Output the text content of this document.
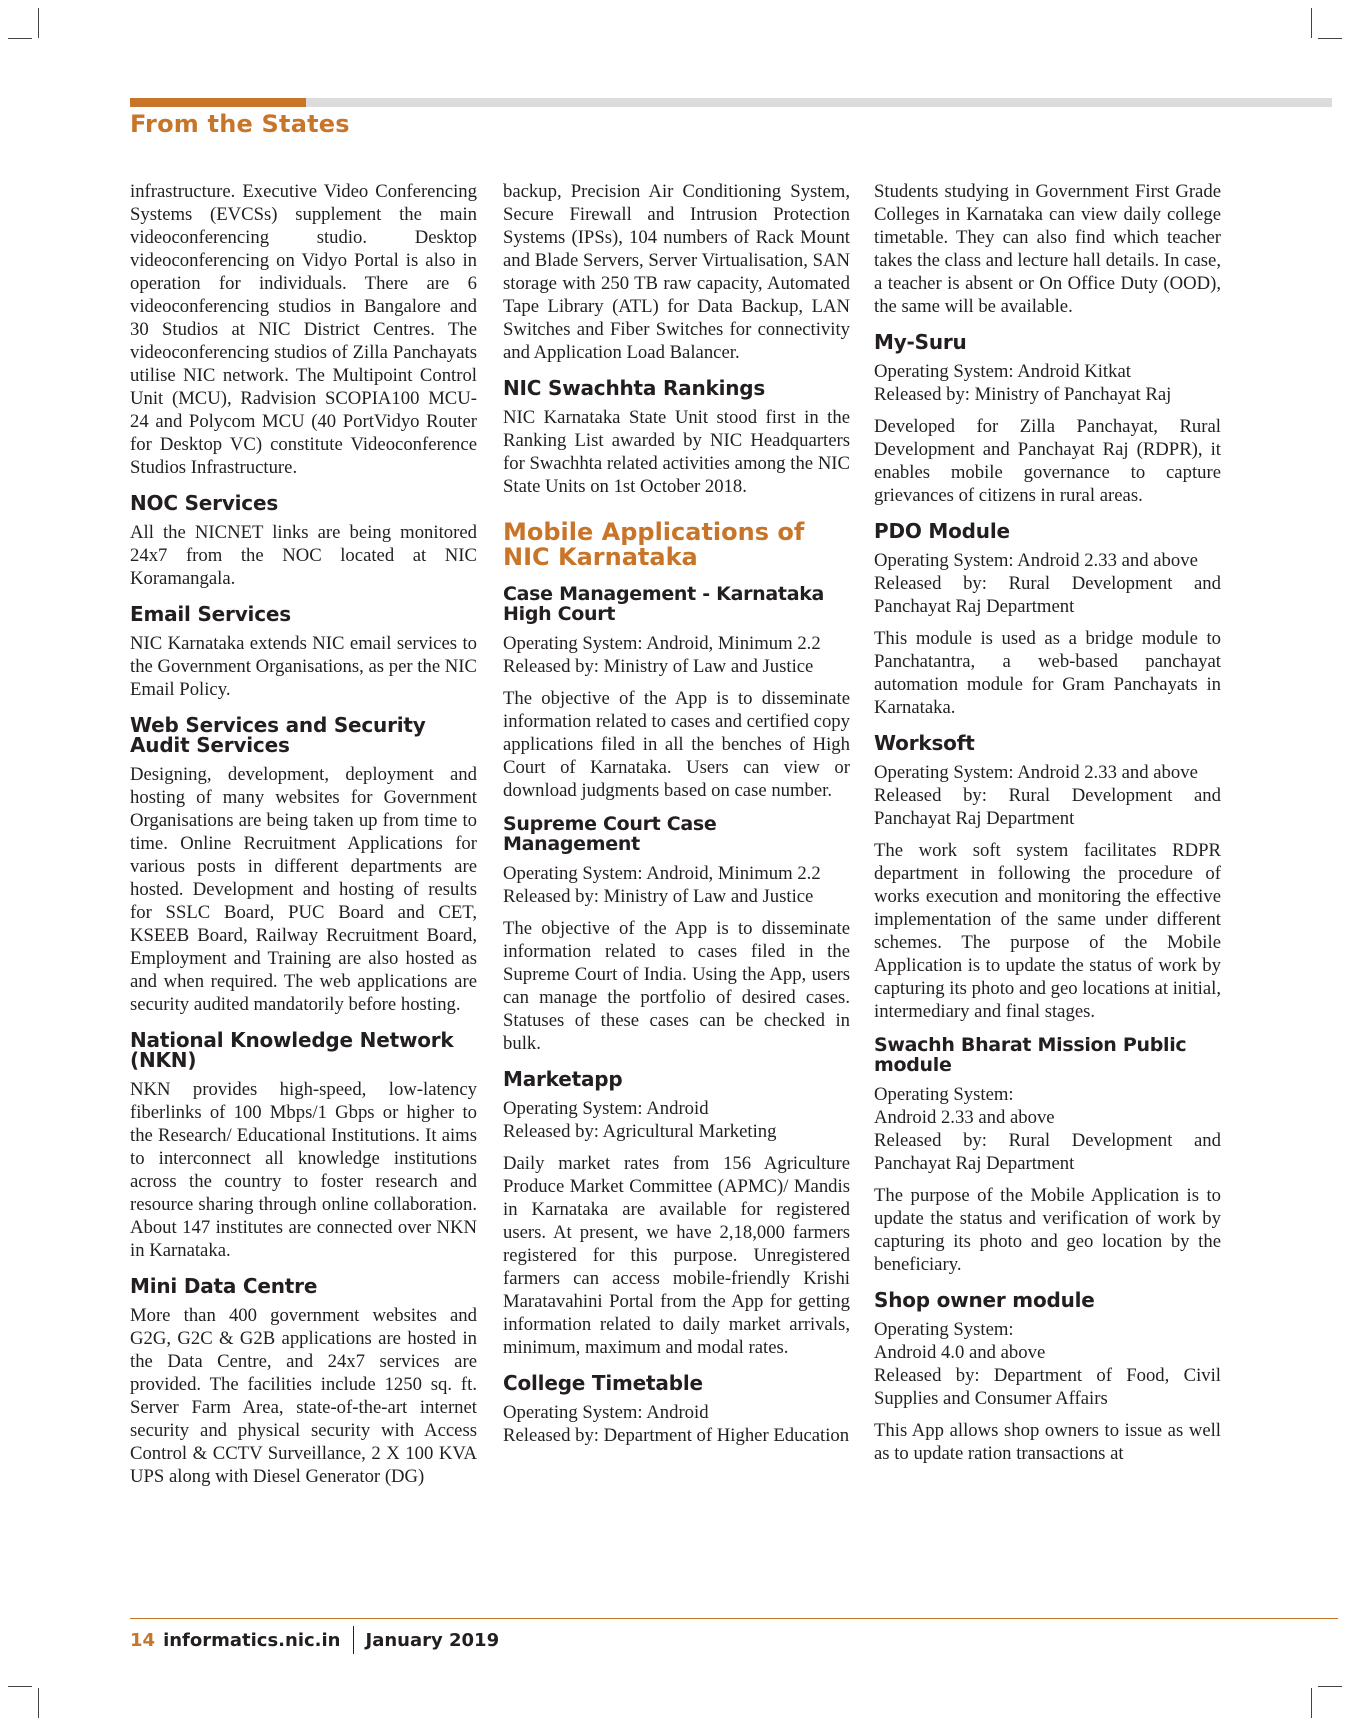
From the States

infrastructure. Executive Video Conferencing Systems (EVCSs) supplement the main videoconferencing studio. Desktop videoconferencing on Vidyo Portal is also in operation for individuals. There are 6 videoconferencing studios in Bangalore and 30 Studios at NIC District Centres. The videoconferencing studios of Zilla Panchayats utilise NIC network. The Multipoint Control Unit (MCU), Radvision SCOPIA100 MCU-24 and Polycom MCU (40 PortVidyo Router for Desktop VC) constitute Videoconference Studios Infrastructure.

NOC Services

All the NICNET links are being monitored 24x7 from the NOC located at NIC Koramangala.

Email Services

NIC Karnataka extends NIC email services to the Government Organisations, as per the NIC Email Policy.

Web Services and Security Audit Services

Designing, development, deployment and hosting of many websites for Government Organisations are being taken up from time to time. Online Recruitment Applications for various posts in different departments are hosted. Development and hosting of results for SSLC Board, PUC Board and CET, KSEEB Board, Railway Recruitment Board, Employment and Training are also hosted as and when required. The web applications are security audited mandatorily before hosting.

National Knowledge Network (NKN)

NKN provides high-speed, low-latency fiberlinks of 100 Mbps/1 Gbps or higher to the Research/ Educational Institutions. It aims to interconnect all knowledge institutions across the country to foster research and resource sharing through online collaboration. About 147 institutes are connected over NKN in Karnataka.

Mini Data Centre

More than 400 government websites and G2G, G2C & G2B applications are hosted in the Data Centre, and 24x7 services are provided. The facilities include 1250 sq. ft. Server Farm Area, state-of-the-art internet security and physical security with Access Control & CCTV Surveillance, 2 X 100 KVA UPS along with Diesel Generator (DG)

backup, Precision Air Conditioning System, Secure Firewall and Intrusion Protection Systems (IPSs), 104 numbers of Rack Mount and Blade Servers, Server Virtualisation, SAN storage with 250 TB raw capacity, Automated Tape Library (ATL) for Data Backup, LAN Switches and Fiber Switches for connectivity and Application Load Balancer.

NIC Swachhta Rankings

NIC Karnataka State Unit stood first in the Ranking List awarded by NIC Headquarters for Swachhta related activities among the NIC State Units on 1st October 2018.

Mobile Applications of NIC Karnataka
Case Management - Karnataka High Court
Operating System: Android, Minimum 2.2
Released by: Ministry of Law and Justice

The objective of the App is to disseminate information related to cases and certified copy applications filed in all the benches of High Court of Karnataka. Users can view or download judgments based on case number.

Supreme Court Case Management
Operating System: Android, Minimum 2.2
Released by: Ministry of Law and Justice

The objective of the App is to disseminate information related to cases filed in the Supreme Court of India. Using the App, users can manage the portfolio of desired cases. Statuses of these cases can be checked in bulk.

Marketapp
Operating System: Android
Released by: Agricultural Marketing

Daily market rates from 156 Agriculture Produce Market Committee (APMC)/ Mandis in Karnataka are available for registered users. At present, we have 2,18,000 farmers registered for this purpose. Unregistered farmers can access mobile-friendly Krishi Maratavahini Portal from the App for getting information related to daily market arrivals, minimum, maximum and modal rates.

College Timetable
Operating System: Android
Released by: Department of Higher Education

Students studying in Government First Grade Colleges in Karnataka can view daily college timetable. They can also find which teacher takes the class and lecture hall details. In case, a teacher is absent or On Office Duty (OOD), the same will be available.

My-Suru
Operating System: Android Kitkat
Released by: Ministry of Panchayat Raj

Developed for Zilla Panchayat, Rural Development and Panchayat Raj (RDPR), it enables mobile governance to capture grievances of citizens in rural areas.

PDO Module
Operating System: Android 2.33 and above
Released by: Rural Development and Panchayat Raj Department

This module is used as a bridge module to Panchatantra, a web-based panchayat automation module for Gram Panchayats in Karnataka.

Worksoft
Operating System: Android 2.33 and above
Released by: Rural Development and Panchayat Raj Department

The work soft system facilitates RDPR department in following the procedure of works execution and monitoring the effective implementation of the same under different schemes. The purpose of the Mobile Application is to update the status of work by capturing its photo and geo locations at initial, intermediary and final stages.

Swachh Bharat Mission Public module
Operating System:
Android 2.33 and above
Released by: Rural Development and Panchayat Raj Department

The purpose of the Mobile Application is to update the status and verification of work by capturing its photo and geo location by the beneficiary.

Shop owner module
Operating System:
Android 4.0 and above
Released by: Department of Food, Civil Supplies and Consumer Affairs

This App allows shop owners to issue as well as to update ration transactions at

14 informatics.nic.in January 2019
